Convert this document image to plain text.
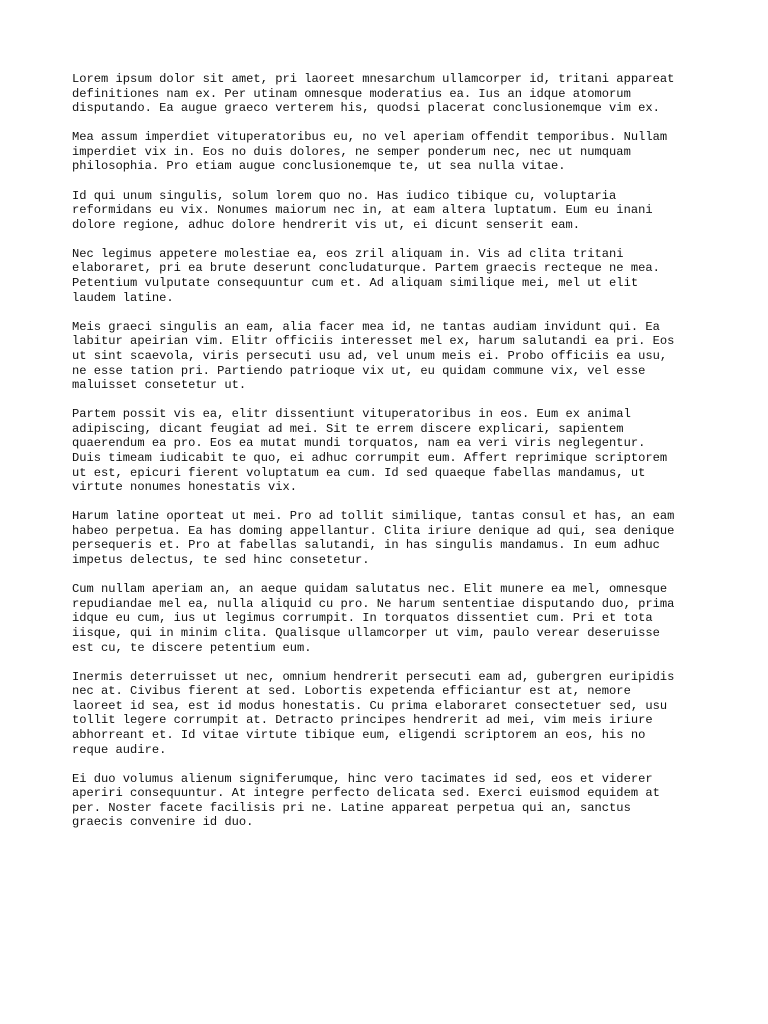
Lorem ipsum dolor sit amet, pri laoreet mnesarchum ullamcorper id, tritani appareat
definitiones nam ex. Per utinam omnesque moderatius ea. Ius an idque atomorum
disputando. Ea augue graeco verterem his, quodsi placerat conclusionemque vim ex.

Mea assum imperdiet vituperatoribus eu, no vel aperiam offendit temporibus. Nullam
imperdiet vix in. Eos no duis dolores, ne semper ponderum nec, nec ut numquam
philosophia. Pro etiam augue conclusionemque te, ut sea nulla vitae.

Id qui unum singulis, solum lorem quo no. Has iudico tibique cu, voluptaria
reformidans eu vix. Nonumes maiorum nec in, at eam altera luptatum. Eum eu inani
dolore regione, adhuc dolore hendrerit vis ut, ei dicunt senserit eam.

Nec legimus appetere molestiae ea, eos zril aliquam in. Vis ad clita tritani
elaboraret, pri ea brute deserunt concludaturque. Partem graecis recteque ne mea.
Petentium vulputate consequuntur cum et. Ad aliquam similique mei, mel ut elit
laudem latine.

Meis graeci singulis an eam, alia facer mea id, ne tantas audiam invidunt qui. Ea
labitur apeirian vim. Elitr officiis interesset mel ex, harum salutandi ea pri. Eos
ut sint scaevola, viris persecuti usu ad, vel unum meis ei. Probo officiis ea usu,
ne esse tation pri. Partiendo patrioque vix ut, eu quidam commune vix, vel esse
maluisset consetetur ut.

Partem possit vis ea, elitr dissentiunt vituperatoribus in eos. Eum ex animal
adipiscing, dicant feugiat ad mei. Sit te errem discere explicari, sapientem
quaerendum ea pro. Eos ea mutat mundi torquatos, nam ea veri viris neglegentur.
Duis timeam iudicabit te quo, ei adhuc corrumpit eum. Affert reprimique scriptorem
ut est, epicuri fierent voluptatum ea cum. Id sed quaeque fabellas mandamus, ut
virtute nonumes honestatis vix.

Harum latine oporteat ut mei. Pro ad tollit similique, tantas consul et has, an eam
habeo perpetua. Ea has doming appellantur. Clita iriure denique ad qui, sea denique
persequeris et. Pro at fabellas salutandi, in has singulis mandamus. In eum adhuc
impetus delectus, te sed hinc consetetur.

Cum nullam aperiam an, an aeque quidam salutatus nec. Elit munere ea mel, omnesque
repudiandae mel ea, nulla aliquid cu pro. Ne harum sententiae disputando duo, prima
idque eu cum, ius ut legimus corrumpit. In torquatos dissentiet cum. Pri et tota
iisque, qui in minim clita. Qualisque ullamcorper ut vim, paulo verear deseruisse
est cu, te discere petentium eum.

Inermis deterruisset ut nec, omnium hendrerit persecuti eam ad, gubergren euripidis
nec at. Civibus fierent at sed. Lobortis expetenda efficiantur est at, nemore
laoreet id sea, est id modus honestatis. Cu prima elaboraret consectetuer sed, usu
tollit legere corrumpit at. Detracto principes hendrerit ad mei, vim meis iriure
abhorreant et. Id vitae virtute tibique eum, eligendi scriptorem an eos, his no
reque audire.

Ei duo volumus alienum signiferumque, hinc vero tacimates id sed, eos et viderer
aperiri consequuntur. At integre perfecto delicata sed. Exerci euismod equidem at
per. Noster facete facilisis pri ne. Latine appareat perpetua qui an, sanctus
graecis convenire id duo.
